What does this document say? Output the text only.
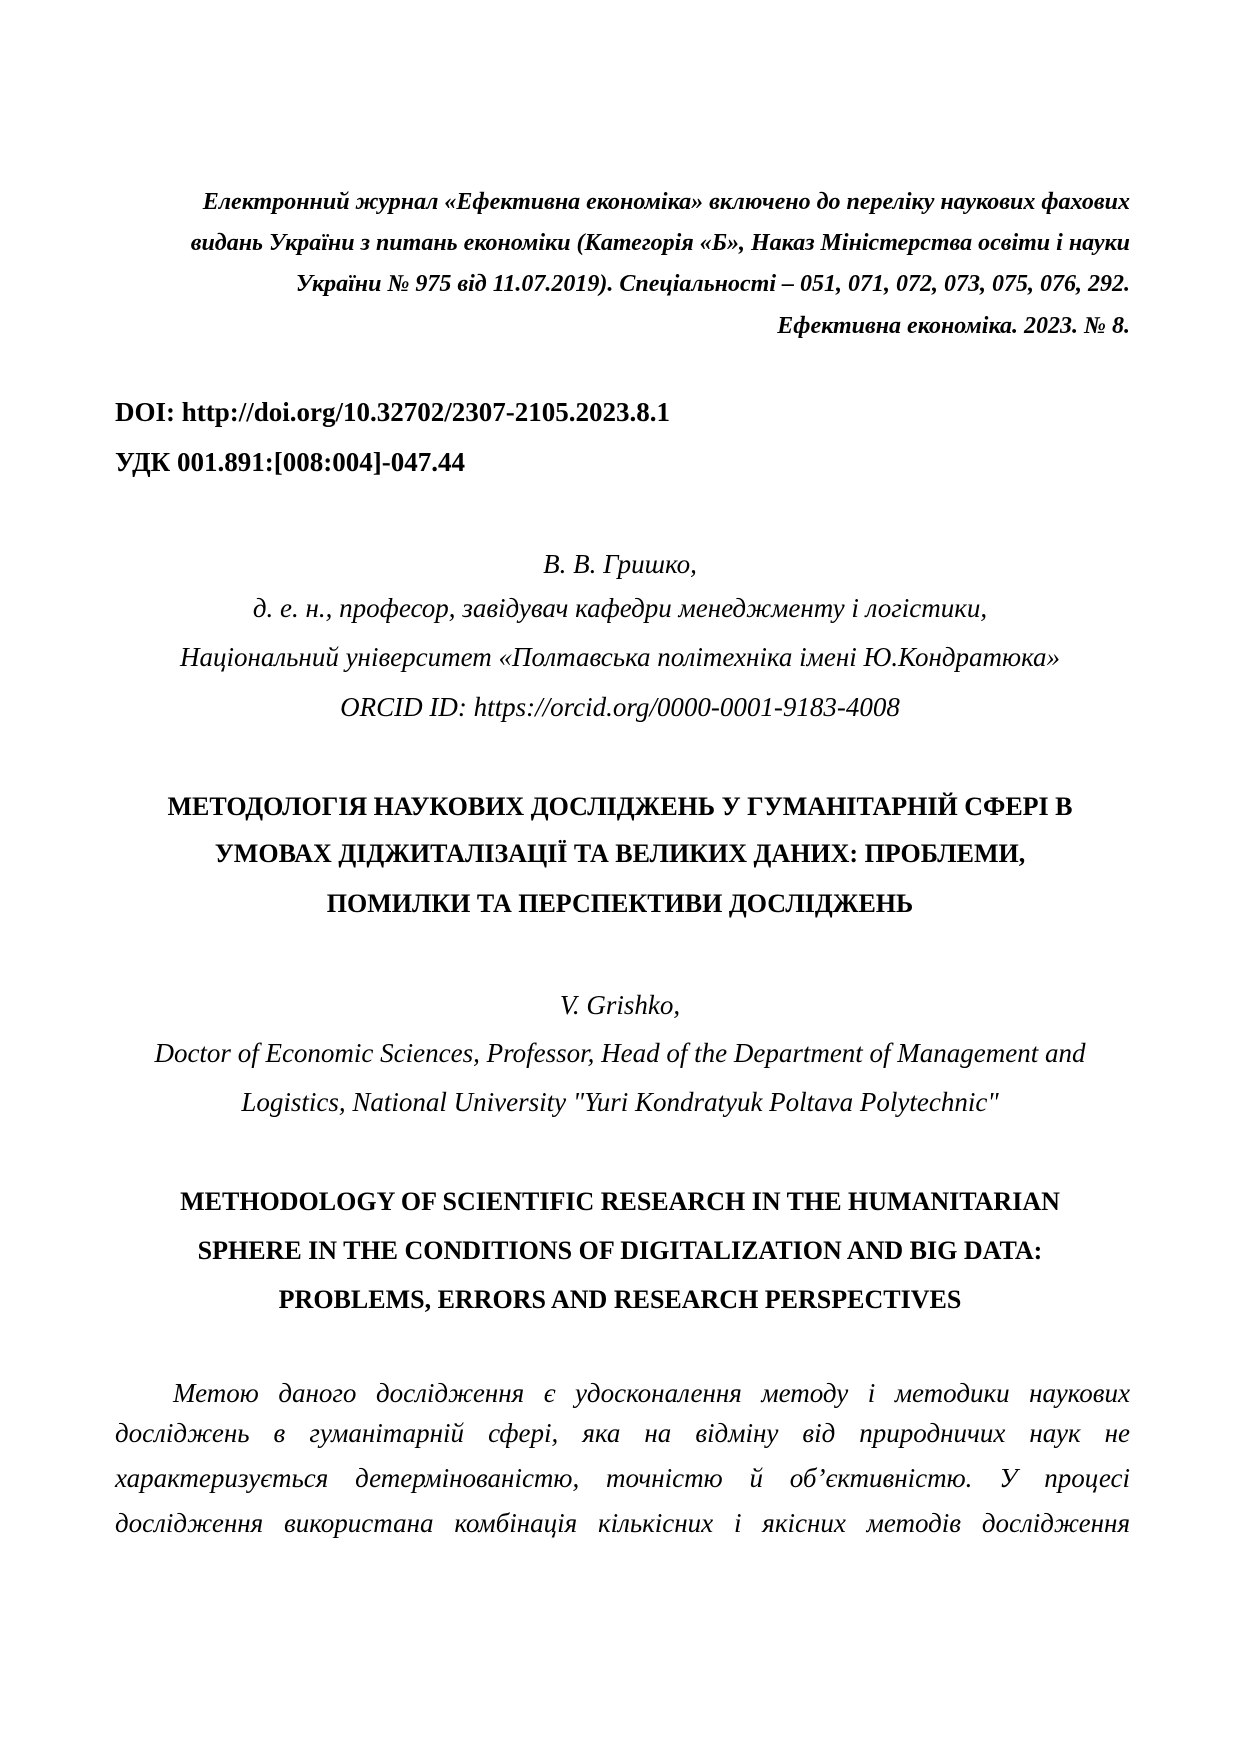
Електронний журнал «Ефективна економіка» включено до переліку наукових фахових
видань України з питань економіки (Категорія «Б», Наказ Міністерства освіти і науки
України № 975 від 11.07.2019). Спеціальності – 051, 071, 072, 073, 075, 076, 292.
Ефективна економіка. 2023. № 8.
DOI: http://doi.org/10.32702/2307-2105.2023.8.1
УДК 001.891:[008:004]-047.44
В. В. Гришко,
д. е. н., професор, завідувач кафедри менеджменту і логістики,
Національний університет «Полтавська політехніка імені Ю.Кондратюка»
ORCID ID: https://orcid.org/0000-0001-9183-4008
МЕТОДОЛОГІЯ НАУКОВИХ ДОСЛІДЖЕНЬ У ГУМАНІТАРНІЙ СФЕРІ В
УМОВАХ ДІДЖИТАЛІЗАЦІЇ ТА ВЕЛИКИХ ДАНИХ: ПРОБЛЕМИ,
ПОМИЛКИ ТА ПЕРСПЕКТИВИ ДОСЛІДЖЕНЬ
V. Grishko,
Doctor of Economic Sciences, Professor, Head of the Department of Management and
Logistics, National University "Yuri Kondratyuk Poltava Polytechnic"
METHODOLOGY OF SCIENTIFIC RESEARCH IN THE HUMANITARIAN
SPHERE IN THE CONDITIONS OF DIGITALIZATION AND BIG DATA:
PROBLEMS, ERRORS AND RESEARCH PERSPECTIVES
Метою даного дослідження є удосконалення методу і методики наукових
досліджень в гуманітарній сфері, яка на відміну від природничих наук не
характеризується детермінованістю, точністю й об’єктивністю. У процесі
дослідження використана комбінація кількісних і якісних методів дослідження
